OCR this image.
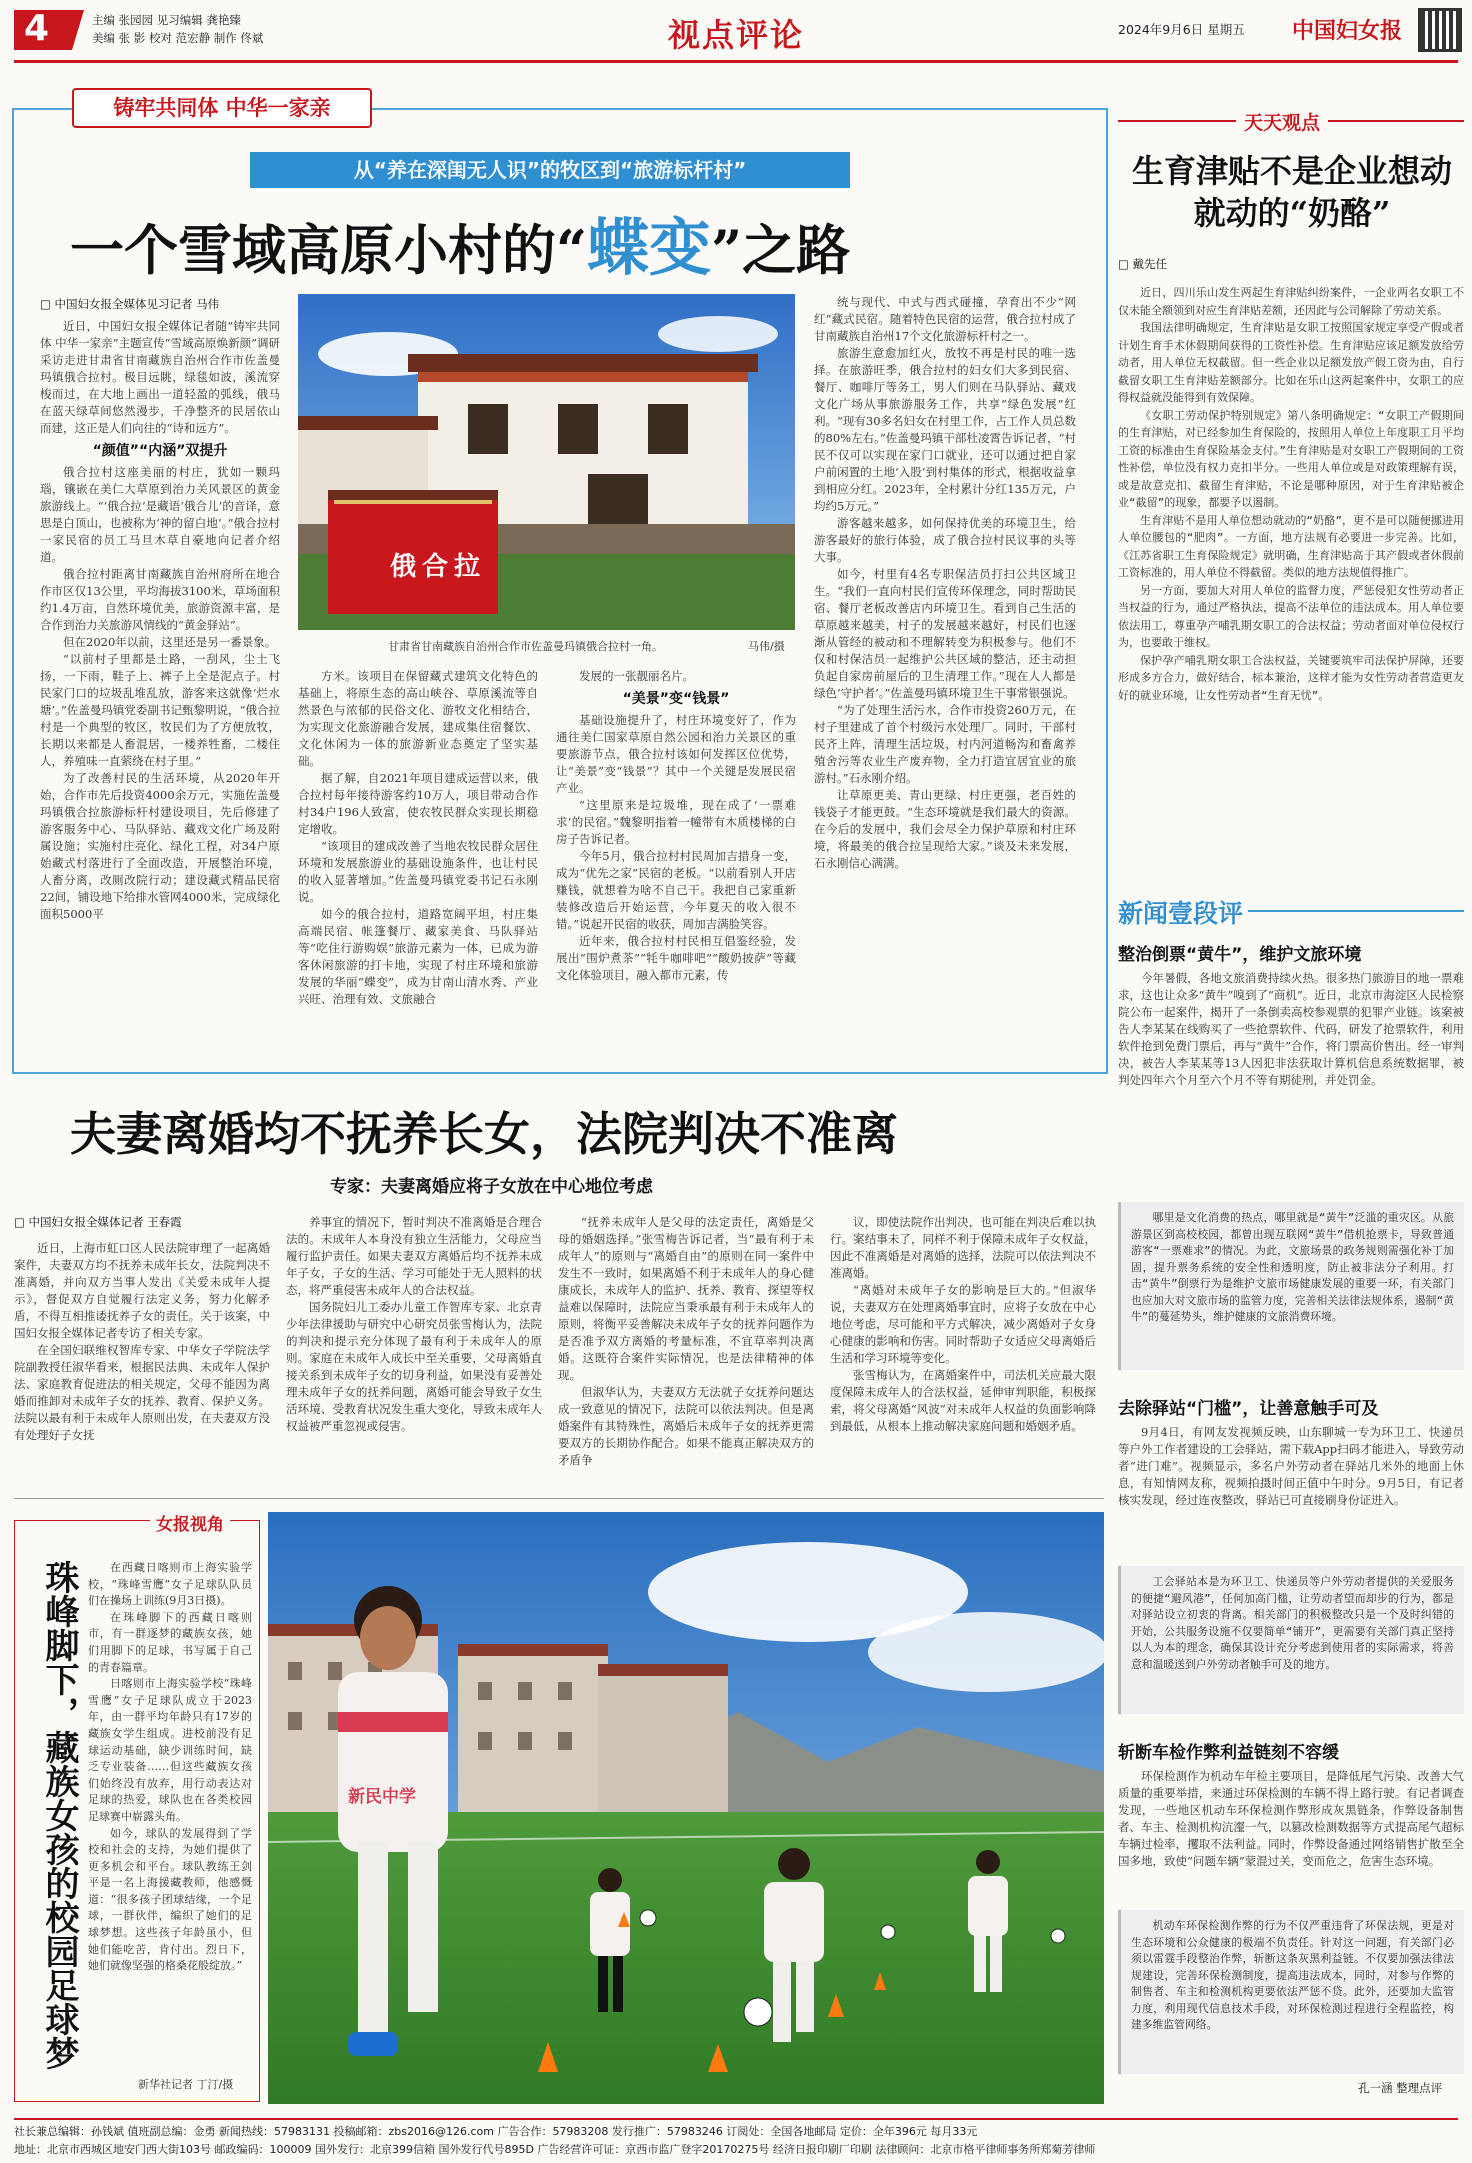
4	主编 张园园 见习编辑 龚艳臻
美编 张 影 校对 范宏静 制作 佟斌	视点评论	2024年9月6日 星期五 中国妇女报
铸牢共同体 中华一家亲
从“养在深闺无人识”的牧区到“旅游标杆村”
一个雪域高原小村的“蝶变”之路
□ 中国妇女报全媒体见习记者 马伟
俄合拉
甘肃省甘南藏族自治州合作市佐盖曼玛镇俄合拉村一角。	马伟/摄

近日，中国妇女报全媒体记者随“铸牢共同体 中华一家亲”主题宣传“雪域高原焕新颜”调研采访走进甘肃省甘南藏族自治州合作市佐盖曼玛镇俄合拉村。极目远眺，绿毯如波，溪流穿梭而过，在大地上画出一道轻盈的弧线，俄马在蓝天绿草间悠然漫步，千净整齐的民居依山而建，这正是人们向往的“诗和远方”。

“颜值”“内涵”双提升

俄合拉村这座美丽的村庄，犹如一颗玛瑙，镶嵌在美仁大草原到治力关风景区的黄金旅游线上。“‘俄合拉’是藏语‘俄合儿’的音译，意思是白顶山，也被称为‘神的留白地’。”俄合拉村一家民宿的员工马旦木草自豪地向记者介绍道。

俄合拉村距离甘南藏族自治州府所在地合作市区仅13公里，平均海拔3100米，草场面积约1.4万亩，自然环境优美，旅游资源丰富，是合作到治力关旅游风情线的“黄金驿站”。

但在2020年以前，这里还是另一番景象。

“以前村子里都是土路，一刮风，尘土飞扬，一下雨，鞋子上、裤子上全是泥点子。村民家门口的垃圾乱堆乱放，游客来这就像‘烂水塘’。”佐盖曼玛镇党委副书记甄黎明说，“俄合拉村是一个典型的牧区，牧民们为了方便放牧，长期以来都是人畜混居，一楼养牲畜，二楼住人，养殖味一直萦绕在村子里。”

为了改善村民的生活环境，从2020年开始，合作市先后投资4000余万元，实施佐盖曼玛镇俄合拉旅游标杆村建设项目，先后修建了游客服务中心、马队驿站、藏戏文化广场及附属设施；实施村庄亮化、绿化工程，对34户原始藏式村落进行了全面改造，开展整治环境，人畜分离，改厕改院行动；建设藏式精品民宿22间，铺设地下给排水管网4000米，完成绿化面积5000平

方米。该项目在保留藏式建筑文化特色的基础上，将原生态的高山峡谷、草原溪流等自然景色与浓郁的民俗文化、游牧文化相结合，为实现文化旅游融合发展，建成集住宿餐饮、文化休闲为一体的旅游新业态奠定了坚实基础。

据了解，自2021年项目建成运营以来，俄合拉村每年接待游客约10万人，项目带动合作村34户196人致富，使农牧民群众实现长期稳定增收。

“该项目的建成改善了当地农牧民群众居住环境和发展旅游业的基础设施条件，也让村民的收入显著增加。”佐盖曼玛镇党委书记石永刚说。

如今的俄合拉村，道路宽阔平坦，村庄集高端民宿、帐篷餐厅、藏家美食、马队驿站等“吃住行游购娱”旅游元素为一体，已成为游客休闲旅游的打卡地，实现了村庄环境和旅游发展的华丽“蝶变”，成为甘南山清水秀、产业兴旺、治理有效、文旅融合

发展的一张靓丽名片。

“美景”变“钱景”

基础设施提升了，村庄环境变好了，作为通往美仁国家草原自然公园和治力关景区的重要旅游节点，俄合拉村该如何发挥区位优势，让“美景”变“钱景”？其中一个关键是发展民宿产业。

“这里原来是垃圾堆，现在成了‘一票难求’的民宿。”魏黎明指着一幢带有木质楼梯的白房子告诉记者。

今年5月，俄合拉村村民周加吉措身一变，成为“优先之家”民宿的老板。“以前看别人开店赚钱，就想着为啥不自己干。我把自己家重新装修改造后开始运营，今年夏天的收入很不错。”说起开民宿的收获，周加吉满脸笑容。

近年来，俄合拉村村民相互倡鉴经验，发展出“围炉煮茶”“牦牛咖啡吧”“酸奶披萨”等藏文化体验项目，融入都市元素，传

统与现代、中式与西式碰撞，孕育出不少“网红”藏式民宿。随着特色民宿的运营，俄合拉村成了甘南藏族自治州17个文化旅游标杆村之一。

旅游生意愈加红火，放牧不再是村民的唯一选择。在旅游旺季，俄合拉村的妇女们大多到民宿、餐厅、咖啡厅等务工，男人们则在马队驿站、藏戏文化广场从事旅游服务工作，共享“绿色发展”红利。“现有30多名妇女在村里工作，占工作人员总数的80%左右。”佐盖曼玛镇干部杜凌霄告诉记者，“村民不仅可以实现在家门口就业，还可以通过把自家户前闲置的土地‘入股’到村集体的形式，根据收益拿到相应分红。2023年，全村累计分红135万元，户均约5万元。”

游客越来越多，如何保持优美的环境卫生，给游客最好的旅行体验，成了俄合拉村民议事的头等大事。

如今，村里有4名专职保洁员打扫公共区域卫生。“我们一直向村民们宣传环保理念，同时帮助民宿、餐厅老板改善店内环境卫生。看到自己生活的草原越来越美，村子的发展越来越好，村民们也逐渐从管经的被动和不理解转变为积极参与。他们不仅和村保洁员一起维护公共区域的整洁，还主动担负起自家房前屋后的卫生清理工作。”现在人人都是绿色‘守护者’。”佐盖曼玛镇环境卫生干事常银强说。

“为了处理生活污水，合作市投资260万元，在村子里建成了首个村级污水处理厂。同时，干部村民齐上阵，清理生活垃圾，村内河道畅沟和畜禽养殖舍污等农业生产废弃物，全力打造宜居宜业的旅游村。”石永刚介绍。

让草原更美、青山更绿、村庄更强，老百姓的钱袋子才能更鼓。“生态环境就是我们最大的资源。在今后的发展中，我们会尽全力保护草原和村庄环境，将最美的俄合拉呈现给大家。”谈及未来发展，石永刚信心满满。

天天观点
生育津贴不是企业想动就动的“奶酪”
□ 戴先任

近日，四川乐山发生两起生育津贴纠纷案件，一企业两名女职工不仅未能全额领到对应生育津贴差额，还因此与公司解除了劳动关系。

我国法律明确规定，生育津贴是女职工按照国家规定享受产假或者计划生育手术休假期间获得的工资性补偿。生育津贴应该足额发放给劳动者，用人单位无权截留。但一些企业以足额发放产假工资为由，自行截留女职工生育津贴差额部分。比如在乐山这两起案件中，女职工的应得权益就没能得到有效保障。

《女职工劳动保护特别规定》第八条明确规定：“女职工产假期间的生育津贴，对已经参加生育保险的，按照用人单位上年度职工月平均工资的标准由生育保险基金支付。”生育津贴是对女职工产假期间的工资性补偿，单位没有权力克扣半分。一些用人单位或是对政策理解有误，或是故意克扣、截留生育津贴，不论是哪种原因，对于生育津贴被企业“截留”的现象，都要予以遏制。

生育津贴不是用人单位想动就动的“奶酪”，更不是可以随便挪进用人单位腰包的“肥肉”。一方面，地方法规有必要进一步完善。比如，《江苏省职工生育保险规定》就明确，生育津贴高于其产假或者休假前工资标准的，用人单位不得截留。类似的地方法规值得推广。

另一方面，要加大对用人单位的监督力度，严惩侵犯女性劳动者正当权益的行为，通过严格执法，提高不法单位的违法成本。用人单位要依法用工，尊重孕产哺乳期女职工的合法权益；劳动者面对单位侵权行为，也要敢于维权。

保护孕产哺乳期女职工合法权益，关键要筑牢司法保护屏障，还要形成多方合力，做好结合，标本兼治，这样才能为女性劳动者营造更友好的就业环境，让女性劳动者“生育无忧”。

新闻壹段评
整治倒票“黄牛”，维护文旅环境

今年暑假，各地文旅消费持续火热。很多热门旅游目的地一票难求，这也让众多“黄牛”嗅到了“商机”。近日，北京市海淀区人民检察院公布一起案件，揭开了一条倒卖高校参观票的犯罪产业链。该案被告人李某某在线购买了一些抢票软件、代码，研发了抢票软件，利用软件抢到免费门票后，再与“黄牛”合作，将门票高价售出。经一审判决，被告人李某某等13人因犯非法获取计算机信息系统数据罪，被判处四年六个月至六个月不等有期徒刑，并处罚金。

哪里是文化消费的热点，哪里就是“黄牛”泛滥的重灾区。从旅游景区到高校校园，都曾出现互联网“黄牛”借机抢票卡，导致普通游客“一票难求”的情况。为此，文旅场景的政务规则需强化补丁加固，提升票务系统的安全性和透明度，防止被非法分子利用。打击“黄牛”倒票行为是维护文旅市场健康发展的重要一环，有关部门也应加大对文旅市场的监管力度，完善相关法律法规体系，遏制“黄牛”的蔓延势头，维护健康的文旅消费环境。

去除驿站“门槛”，让善意触手可及

9月4日，有网友发视频反映，山东聊城一专为环卫工、快递员等户外工作者建设的工会驿站，需下载App扫码才能进入，导致劳动者“进门难”。视频显示，多名户外劳动者在驿站几米外的地面上休息，有知情网友称，视频拍摄时间正值中午时分。9月5日，有记者核实发现，经过连夜整改，驿站已可直接刷身份证进入。

工会驿站本是为环卫工、快递员等户外劳动者提供的关爱服务的便捷“避风港”，任何加高门槛，让劳动者望而却步的行为，都是对驿站设立初衷的背离。相关部门的积极整改只是一个及时纠错的开始，公共服务设施不仅要简单“铺开”，更需要有关部门真正坚持以人为本的理念，确保其设计充分考虑到使用者的实际需求，将善意和温暖送到户外劳动者触手可及的地方。

斩断车检作弊利益链刻不容缓

环保检测作为机动车年检主要项目，是降低尾气污染、改善大气质量的重要举措，来通过环保检测的车辆不得上路行驶。有记者调查发现，一些地区机动车环保检测作弊形成灰黑链条，作弊设备制售者、车主、检测机构沆瀣一气，以篡改检测数据等方式提高尾气超标车辆过检率，攫取不法利益。同时，作弊设备通过网络销售扩散至全国多地，致使“问题车辆”蒙混过关，变而危之，危害生态环境。

机动车环保检测作弊的行为不仅严重违背了环保法规，更是对生态环境和公众健康的极端不负责任。针对这一问题，有关部门必须以雷霆手段整治作弊，斩断这条灰黑利益链。不仅要加强法律法规建设，完善环保检测制度，提高违法成本，同时，对参与作弊的制售者、车主和检测机构更要依法严惩不贷。此外，还要加大监管力度，利用现代信息技术手段，对环保检测过程进行全程监控，构建多维监管网络。

孔一涵 整理点评
夫妻离婚均不抚养长女，法院判决不准离
专家：夫妻离婚应将子女放在中心地位考虑
□ 中国妇女报全媒体记者 王春霞

近日，上海市虹口区人民法院审理了一起离婚案件，夫妻双方均不抚养未成年长女，法院判决不准离婚，并向双方当事人发出《关爱未成年人提示》，督促双方自觉履行法定义务，努力化解矛盾，不得互相推诿抚养子女的责任。关于该案，中国妇女报全媒体记者专访了相关专家。

在全国妇联维权智库专家、中华女子学院法学院副教授任淑华看来，根据民法典、未成年人保护法、家庭教育促进法的相关规定，父母不能因为离婚而推卸对未成年子女的抚养、教育、保护义务。法院以最有利于未成年人原则出发，在夫妻双方没有处理好子女抚

养事宜的情况下，暂时判决不准离婚是合理合法的。未成年人本身没有独立生活能力，父母应当履行监护责任。如果夫妻双方离婚后均不抚养未成年子女，子女的生活、学习可能处于无人照料的状态，将严重侵害未成年人的合法权益。

国务院妇儿工委办儿童工作智库专家、北京青少年法律援助与研究中心研究员张雪梅认为，法院的判决和提示充分体现了最有利于未成年人的原则。家庭在未成年人成长中至关重要，父母离婚直接关系到未成年子女的切身利益，如果没有妥善处理未成年子女的抚养问题，离婚可能会导致子女生活环境、受教育状况发生重大变化，导致未成年人权益被严重忽视或侵害。

“抚养未成年人是父母的法定责任，离婚是父母的婚姻选择。”张雪梅告诉记者，当“最有利于未成年人”的原则与“离婚自由”的原则在同一案件中发生不一致时，如果离婚不利于未成年人的身心健康成长，未成年人的监护、抚养、教育、探望等权益难以保障时，法院应当秉承最有利于未成年人的原则，将衡平妥善解决未成年子女的抚养问题作为是否准予双方离婚的考量标准，不宜草率判决离婚。这既符合案件实际情况，也是法律精神的体现。

但淑华认为，夫妻双方无法就子女抚养问题达成一致意见的情况下，法院可以依法判决。但是离婚案件有其特殊性，离婚后未成年子女的抚养更需要双方的长期协作配合。如果不能真正解决双方的矛盾争

议，即使法院作出判决，也可能在判决后难以执行。案结事未了，同样不利于保障未成年子女权益，因此不准离婚是对离婚的选择，法院可以依法判决不准离婚。

“离婚对未成年子女的影响是巨大的。”但淑华说，夫妻双方在处理离婚事宜时，应将子女放在中心地位考虑，尽可能和平方式解决，减少离婚对子女身心健康的影响和伤害。同时帮助子女适应父母离婚后生活和学习环境等变化。

张雪梅认为，在离婚案件中，司法机关应最大限度保障未成年人的合法权益，延伸审判职能，积极探索，将父母离婚“风波”对未成年人权益的负面影响降到最低，从根本上推动解决家庭问题和婚姻矛盾。

女报视角
珠峰脚下，藏族女孩的校园足球梦	在西藏日喀则市上海实验学校，“珠峰雪鹰”女子足球队队员们在操场上训练(9月3日摄)。

在珠峰脚下的西藏日喀则市，有一群逐梦的藏族女孩，她们用脚下的足球，书写属于自己的青春篇章。

日喀则市上海实验学校“珠峰雪鹰”女子足球队成立于2023年，由一群平均年龄只有17岁的藏族女学生组成。进校前没有足球运动基础，缺少训练时间，缺乏专业装备……但这些藏族女孩们始终没有放弃，用行动表达对足球的热爱，球队也在各类校园足球赛中崭露头角。

如今，球队的发展得到了学校和社会的支持，为她们提供了更多机会和平台。球队教练王剑平是一名上海援藏教师，他感慨道：“很多孩子团球结缘，一个足球，一群伙伴，编织了她们的足球梦想。这些孩子年龄虽小，但她们能吃苦，肯付出。烈日下，她们就像坚强的格桑花般绽放。”

新华社记者 丁汀/摄
新民中学
社长兼总编辑：孙钱斌 值班副总编：金勇 新闻热线：57983131 投稿邮箱：zbs2016@126.com 广告合作：57983208 发行推广：57983246 订阅处：全国各地邮局 定价：全年396元 每月33元
地址：北京市西城区地安门西大街103号 邮政编码：100009 国外发行：北京399信箱 国外发行代号895D 广告经营许可证：京西市监广登字20170275号 经济日报印刷厂印刷 法律顾问：北京市格平律师事务所郑菊芳律师
